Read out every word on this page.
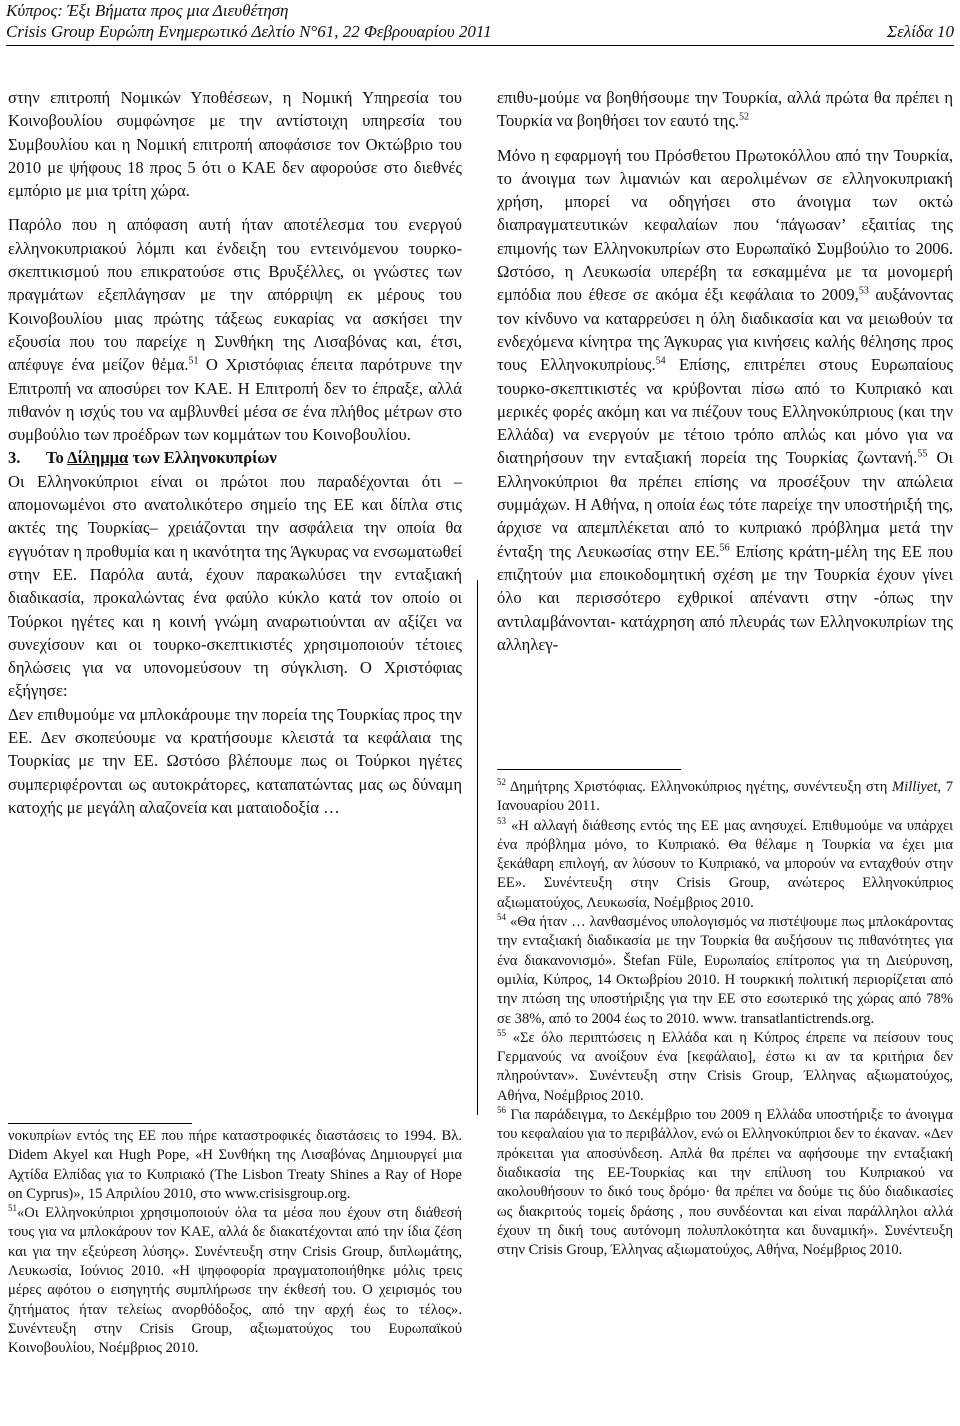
Κύπρος: Έξι Βήματα προς μια Διευθέτηση
Crisis Group Ευρώπη Ενημερωτικό Δελτίο N°61, 22 Φεβρουαρίου 2011	Σελίδα 10

στην επιτροπή Νομικών Υποθέσεων, η Νομική Υπηρεσία του Κοινοβουλίου συμφώνησε με την αντίστοιχη υπηρεσία του Συμβουλίου και η Νομική επιτροπή αποφάσισε τον Οκτώβριο του 2010 με ψήφους 18 προς 5 ότι ο ΚΑΕ δεν αφορούσε στο διεθνές εμπόριο με μια τρίτη χώρα.

Παρόλο που η απόφαση αυτή ήταν αποτέλεσμα του ενεργού ελληνοκυπριακού λόμπι και ένδειξη του εντεινόμενου τουρκο-σκεπτικισμού που επικρατούσε στις Βρυξέλλες, οι γνώστες των πραγμάτων εξεπλάγησαν με την απόρριψη εκ μέρους του Κοινοβουλίου μιας πρώτης τάξεως ευκαρίας να ασκήσει την εξουσία που του παρείχε η Συνθήκη της Λισαβόνας και, έτσι, απέφυγε ένα μείζον θέμα.$^{51}$ Ο Χριστόφιας έπειτα παρότρυνε την Επιτροπή να αποσύρει τον ΚΑΕ. Η Επιτροπή δεν το έπραξε, αλλά πιθανόν η ισχύς του να αμβλυνθεί μέσα σε ένα πλήθος μέτρων στο συμβούλιο των προέδρων των κομμάτων του Κοινοβουλίου.

3. Το Δίλημμα των Ελληνοκυπρίων

Οι Ελληνοκύπριοι είναι οι πρώτοι που παραδέχονται ότι –απομονωμένοι στο ανατολικότερο σημείο της ΕΕ και δίπλα στις ακτές της Τουρκίας– χρειάζονται την ασφάλεια την οποία θα εγγυόταν η προθυμία και η ικανότητα της Άγκυρας να ενσωματωθεί στην ΕΕ. Παρόλα αυτά, έχουν παρακωλύσει την ενταξιακή διαδικασία, προκαλώντας ένα φαύλο κύκλο κατά τον οποίο οι Τούρκοι ηγέτες και η κοινή γνώμη αναρωτιούνται αν αξίζει να συνεχίσουν και οι τουρκο-σκεπτικιστές χρησιμοποιούν τέτοιες δηλώσεις για να υπονομεύσουν τη σύγκλιση. Ο Χριστόφιας εξήγησε:

Δεν επιθυμούμε να μπλοκάρουμε την πορεία της Τουρκίας προς την ΕΕ. Δεν σκοπεύουμε να κρατήσουμε κλειστά τα κεφάλαια της Τουρκίας με την ΕΕ. Ωστόσο βλέπουμε πως οι Τούρκοι ηγέτες συμπεριφέρονται ως αυτοκράτορες, καταπατώντας μας ως δύναμη κατοχής με μεγάλη αλαζονεία και ματαιοδοξία …

νοκυπρίων εντός της ΕΕ που πήρε καταστροφικές διαστάσεις το 1994. Βλ. Didem Akyel και Hugh Pope, «Η Συνθήκη της Λισαβόνας Δημιουργεί μια Αχτίδα Ελπίδας για το Κυπριακό (The Lisbon Treaty Shines a Ray of Hope on Cyprus)», 15 Απριλίου 2010, στο www.crisisgroup.org.

$^{51}$«Οι Ελληνοκύπριοι χρησιμοποιούν όλα τα μέσα που έχουν στη διάθεσή τους για να μπλοκάρουν τον ΚΑΕ, αλλά δε διακατέχονται από την ίδια ζέση και για την εξεύρεση λύσης». Συνέντευξη στην Crisis Group, διπλωμάτης, Λευκωσία, Ιούνιος 2010. «Η ψηφοφορία πραγματοποιήθηκε μόλις τρεις μέρες αφότου ο εισηγητής συμπλήρωσε την έκθεσή του. Ο χειρισμός του ζητήματος ήταν τελείως ανορθόδοξος, από την αρχή έως το τέλος». Συνέντευξη στην Crisis Group, αξιωματούχος του Ευρωπαϊκού Κοινοβουλίου, Νοέμβριος 2010.

επιθυ-μούμε να βοηθήσουμε την Τουρκία, αλλά πρώτα θα πρέπει η Τουρκία να βοηθήσει τον εαυτό της.$^{52}$

Μόνο η εφαρμογή του Πρόσθετου Πρωτοκόλλου από την Τουρκία, το άνοιγμα των λιμανιών και αερολιμένων σε ελληνοκυπριακή χρήση, μπορεί να οδηγήσει στο άνοιγμα των οκτώ διαπραγματευτικών κεφαλαίων που ‘πάγωσαν’ εξαιτίας της επιμονής των Ελληνοκυπρίων στο Ευρωπαϊκό Συμβούλιο το 2006. Ωστόσο, η Λευκωσία υπερέβη τα εσκαμμένα με τα μονομερή εμπόδια που έθεσε σε ακόμα έξι κεφάλαια το 2009,53 αυξάνοντας τον κίνδυνο να καταρρεύσει η όλη διαδικασία και να μειωθούν τα ενδεχόμενα κίνητρα της Άγκυρας για κινήσεις καλής θέλησης προς τους Ελληνοκυπρίους.$^{54}$ Επίσης, επιτρέπει στους Ευρωπαίους τουρκο-σκεπτικιστές να κρύβονται πίσω από το Κυπριακό και μερικές φορές ακόμη και να πιέζουν τους Ελληνοκύπριους (και την Ελλάδα) να ενεργούν με τέτοιο τρόπο απλώς και μόνο για να διατηρήσουν την ενταξιακή πορεία της Τουρκίας ζωντανή.$^{55}$ Οι Ελληνοκύπριοι θα πρέπει επίσης να προσέξουν την απώλεια συμμάχων. Η Αθήνα, η οποία έως τότε παρείχε την υποστήριξή της, άρχισε να απεμπλέκεται από το κυπριακό πρόβλημα μετά την ένταξη της Λευκωσίας στην ΕΕ.$^{56}$ Επίσης κράτη-μέλη της ΕΕ που επιζητούν μια εποικοδομητική σχέση με την Τουρκία έχουν γίνει όλο και περισσότερο εχθρικοί απέναντι στην -όπως την αντιλαμβάνονται- κατάχρηση από πλευράς των Ελληνοκυπρίων της αλληλεγ-

$^{52}$ Δημήτρης Χριστόφιας. Ελληνοκύπριος ηγέτης, συνέντευξη στη Milliyet, 7 Ιανουαρίου 2011.

$^{53}$ «Η αλλαγή διάθεσης εντός της ΕΕ μας ανησυχεί. Επιθυμούμε να υπάρχει ένα πρόβλημα μόνο, το Κυπριακό. Θα θέλαμε η Τουρκία να έχει μια ξεκάθαρη επιλογή, αν λύσουν το Κυπριακό, να μπορούν να ενταχθούν στην ΕΕ». Συνέντευξη στην Crisis Group, ανώτερος Ελληνοκύπριος αξιωματούχος, Λευκωσία, Νοέμβριος 2010.

$^{54}$ «Θα ήταν … λανθασμένος υπολογισμός να πιστέψουμε πως μπλοκάροντας την ενταξιακή διαδικασία με την Τουρκία θα αυξήσουν τις πιθανότητες για ένα διακανονισμό». Štefan Füle, Ευρωπαίος επίτροπος για τη Διεύρυνση, ομιλία, Κύπρος, 14 Οκτωβρίου 2010. Η τουρκική πολιτική περιορίζεται από την πτώση της υποστήριξης για την ΕΕ στο εσωτερικό της χώρας από 78% σε 38%, από το 2004 έως το 2010. www. transatlantictrends.org.

$^{55}$ «Σε όλο περιπτώσεις η Ελλάδα και η Κύπρος έπρεπε να πείσουν τους Γερμανούς να ανοίξουν ένα [κεφάλαιο], έστω κι αν τα κριτήρια δεν πληρούνταν». Συνέντευξη στην Crisis Group, Έλληνας αξιωματούχος, Αθήνα, Νοέμβριος 2010.

$^{56}$ Για παράδειγμα, το Δεκέμβριο του 2009 η Ελλάδα υποστήριξε το άνοιγμα του κεφαλαίου για το περιβάλλον, ενώ οι Ελληνοκύπριοι δεν το έκαναν. «Δεν πρόκειται για αποσύνδεση. Απλά θα πρέπει να αφήσουμε την ενταξιακή διαδικασία της ΕΕ-Τουρκίας και την επίλυση του Κυπριακού να ακολουθήσουν το δικό τους δρόμο· θα πρέπει να δούμε τις δύο διαδικασίες ως διακριτούς τομείς δράσης , που συνδέονται και είναι παράλληλοι αλλά έχουν τη δική τους αυτόνομη πολυπλοκότητα και δυναμική». Συνέντευξη στην Crisis Group, Έλληνας αξιωματούχος, Αθήνα, Νοέμβριος 2010.
